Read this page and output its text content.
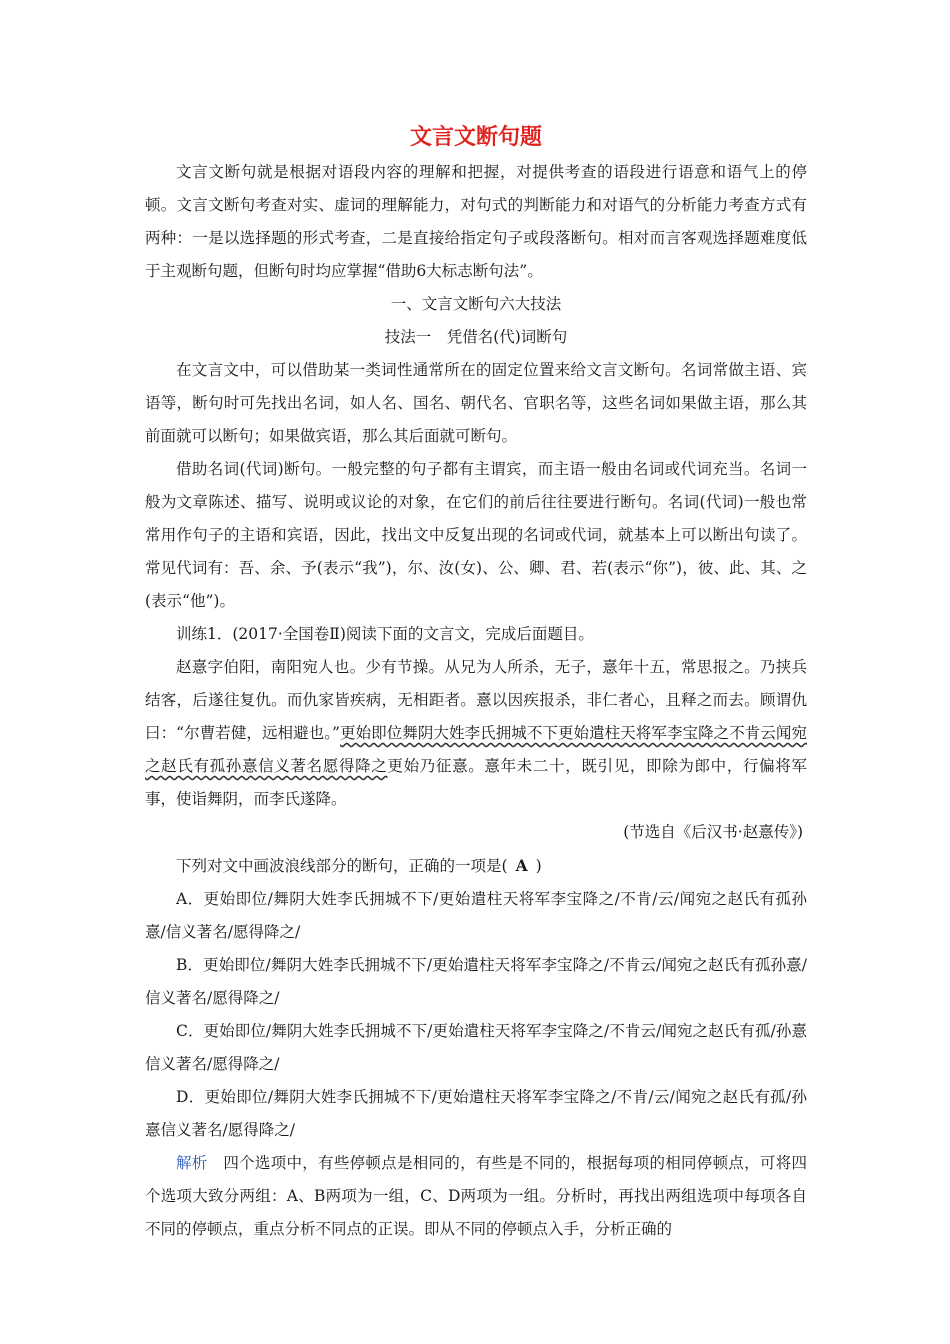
文言文断句题

文言文断句就是根据对语段内容的理解和把握，对提供考查的语段进行语意和语气上的停顿。文言文断句考查对实、虚词的理解能力，对句式的判断能力和对语气的分析能力考查方式有两种：一是以选择题的形式考查，二是直接给指定句子或段落断句。相对而言客观选择题难度低于主观断句题，但断句时均应掌握“借助6大标志断句法”。

一、文言文断句六大技法

技法一　凭借名(代)词断句

在文言文中，可以借助某一类词性通常所在的固定位置来给文言文断句。名词常做主语、宾语等，断句时可先找出名词，如人名、国名、朝代名、官职名等，这些名词如果做主语，那么其前面就可以断句；如果做宾语，那么其后面就可断句。

借助名词(代词)断句。一般完整的句子都有主谓宾，而主语一般由名词或代词充当。名词一般为文章陈述、描写、说明或议论的对象，在它们的前后往往要进行断句。名词(代词)一般也常常用作句子的主语和宾语，因此，找出文中反复出现的名词或代词，就基本上可以断出句读了。常见代词有：吾、余、予(表示“我”)，尔、汝(女)、公、卿、君、若(表示“你”)，彼、此、其、之(表示“他”)。

训练1．(2017·全国卷Ⅱ)阅读下面的文言文，完成后面题目。

赵憙字伯阳，南阳宛人也。少有节操。从兄为人所杀，无子，憙年十五，常思报之。乃挟兵结客，后遂往复仇。而仇家皆疾病，无相距者。憙以因疾报杀，非仁者心，且释之而去。顾谓仇曰：“尔曹若健，远相避也。”更始即位舞阴大姓李氏拥城不下更始遣柱天将军李宝降之不肯云闻宛之赵氏有孤孙憙信义著名愿得降之更始乃征憙。憙年未二十，既引见，即除为郎中，行偏将军事，使诣舞阴，而李氏遂降。

(节选自《后汉书·赵憙传》)

下列对文中画波浪线部分的断句，正确的一项是( A )

A．更始即位/舞阴大姓李氏拥城不下/更始遣柱天将军李宝降之/不肯/云/闻宛之赵氏有孤孙憙/信义著名/愿得降之/

B．更始即位/舞阴大姓李氏拥城不下/更始遣柱天将军李宝降之/不肯云/闻宛之赵氏有孤孙憙/信义著名/愿得降之/

C．更始即位/舞阴大姓李氏拥城不下/更始遣柱天将军李宝降之/不肯云/闻宛之赵氏有孤/孙憙信义著名/愿得降之/

D．更始即位/舞阴大姓李氏拥城不下/更始遣柱天将军李宝降之/不肯/云/闻宛之赵氏有孤/孙憙信义著名/愿得降之/

解析　四个选项中，有些停顿点是相同的，有些是不同的，根据每项的相同停顿点，可将四个选项大致分两组：A、B两项为一组，C、D两项为一组。分析时，再找出两组选项中每项各自不同的停顿点，重点分析不同点的正误。即从不同的停顿点入手，分析正确的
